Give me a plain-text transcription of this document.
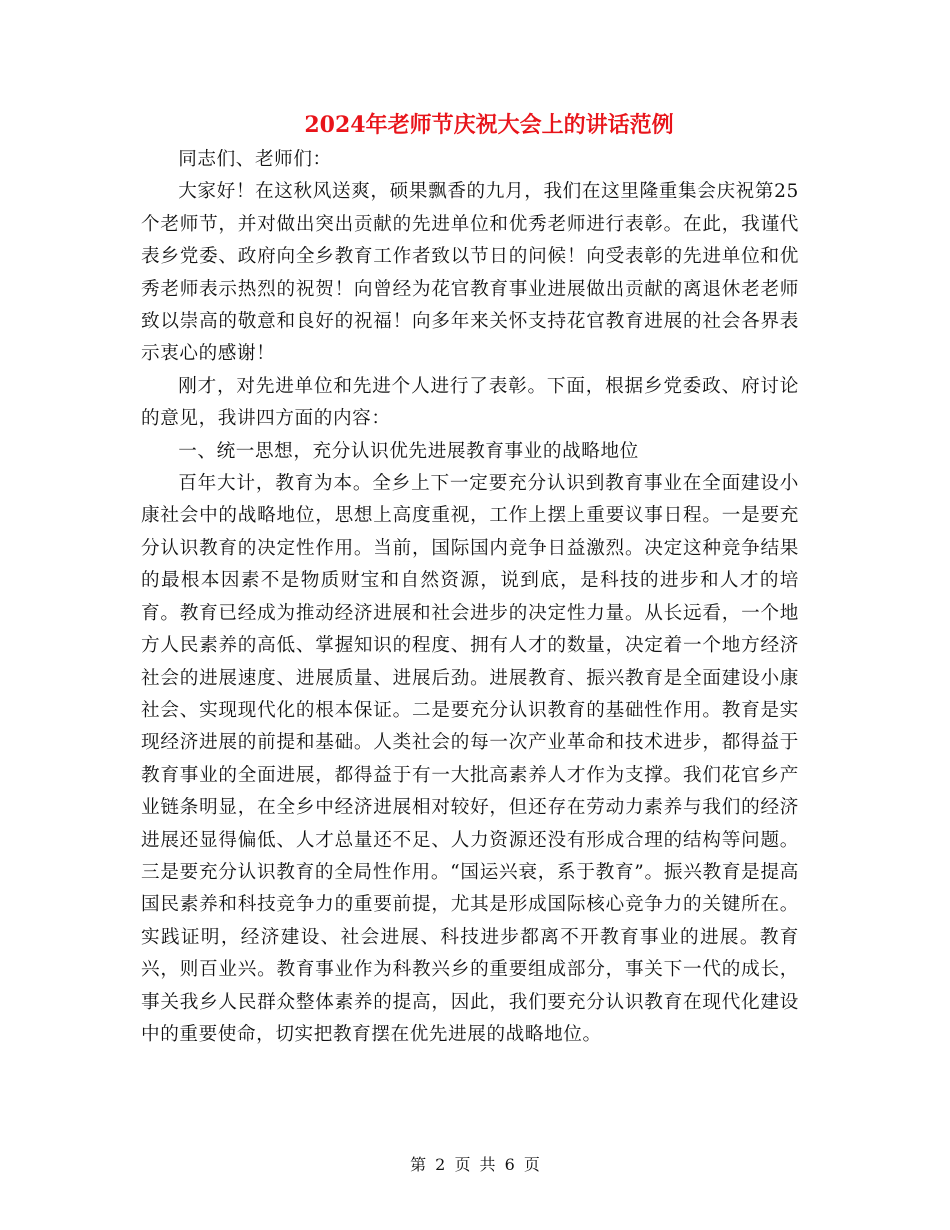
2024年老师节庆祝大会上的讲话范例

同志们、老师们：

大家好！在这秋风送爽，硕果飘香的九月，我们在这里隆重集会庆祝第25个老师节，并对做出突出贡献的先进单位和优秀老师进行表彰。在此，我谨代表乡党委、政府向全乡教育工作者致以节日的问候！向受表彰的先进单位和优秀老师表示热烈的祝贺！向曾经为花官教育事业进展做出贡献的离退休老老师致以崇高的敬意和良好的祝福！向多年来关怀支持花官教育进展的社会各界表示衷心的感谢！

刚才，对先进单位和先进个人进行了表彰。下面，根据乡党委政、府讨论的意见，我讲四方面的内容：

一、统一思想，充分认识优先进展教育事业的战略地位

百年大计，教育为本。全乡上下一定要充分认识到教育事业在全面建设小康社会中的战略地位，思想上高度重视，工作上摆上重要议事日程。一是要充分认识教育的决定性作用。当前，国际国内竞争日益激烈。决定这种竞争结果的最根本因素不是物质财宝和自然资源，说到底，是科技的进步和人才的培育。教育已经成为推动经济进展和社会进步的决定性力量。从长远看，一个地方人民素养的高低、掌握知识的程度、拥有人才的数量，决定着一个地方经济社会的进展速度、进展质量、进展后劲。进展教育、振兴教育是全面建设小康社会、实现现代化的根本保证。二是要充分认识教育的基础性作用。教育是实现经济进展的前提和基础。人类社会的每一次产业革命和技术进步，都得益于教育事业的全面进展，都得益于有一大批高素养人才作为支撑。我们花官乡产业链条明显，在全乡中经济进展相对较好，但还存在劳动力素养与我们的经济进展还显得偏低、人才总量还不足、人力资源还没有形成合理的结构等问题。三是要充分认识教育的全局性作用。“国运兴衰，系于教育”。振兴教育是提高国民素养和科技竞争力的重要前提，尤其是形成国际核心竞争力的关键所在。实践证明，经济建设、社会进展、科技进步都离不开教育事业的进展。教育兴，则百业兴。教育事业作为科教兴乡的重要组成部分，事关下一代的成长，事关我乡人民群众整体素养的提高，因此，我们要充分认识教育在现代化建设中的重要使命，切实把教育摆在优先进展的战略地位。

第 2 页 共 6 页
